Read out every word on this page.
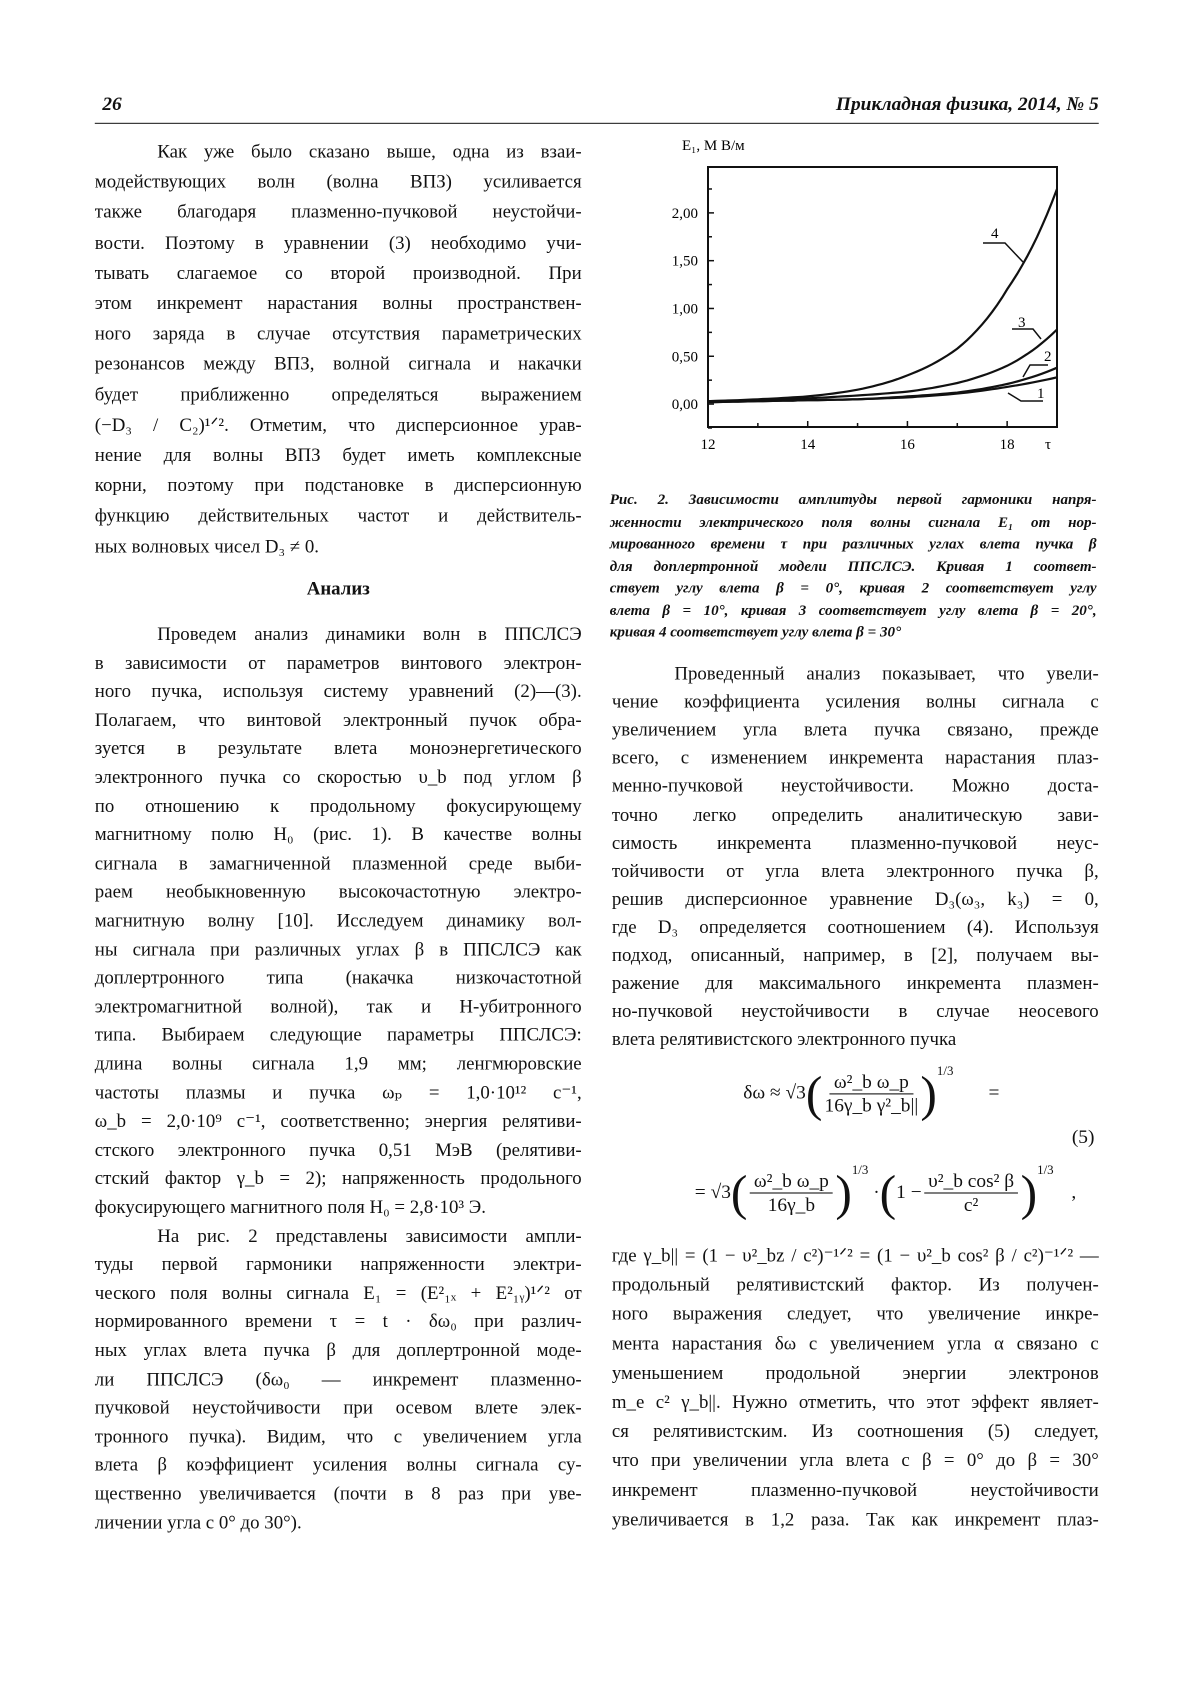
26	Прикладная физика, 2014, № 5
Как уже было сказано выше, одна из взаи-
модействующих волн (волна ВПЗ) усиливается
также благодаря плазменно-пучковой неустойчи-
вости. Поэтому в уравнении (3) необходимо учи-
тывать слагаемое со второй производной. При
этом инкремент нарастания волны пространствен-
ного заряда в случае отсутствия параметрических
резонансов между ВПЗ, волной сигнала и накачки
будет приближенно определяться выражением
(−D₃ / C₂)¹ᐟ². Отметим, что дисперсионное урав-
нение для волны ВПЗ будет иметь комплексные
корни, поэтому при подстановке в дисперсионную
функцию действительных частот и действитель-
ных волновых чисел D₃ ≠ 0.
Проведем анализ динамики волн в ППСЛСЭ
в зависимости от параметров винтового электрон-
ного пучка, используя систему уравнений (2)—(3).
Полагаем, что винтовой электронный пучок обра-
зуется в результате влета моноэнергетического
электронного пучка со скоростью υ_b под углом β
по отношению к продольному фокусирующему
магнитному полю H₀ (рис. 1). В качестве волны
сигнала в замагниченной плазменной среде выби-
раем необыкновенную высокочастотную электро-
магнитную волну [10]. Исследуем динамику вол-
ны сигнала при различных углах β в ППСЛСЭ как
доплертронного типа (накачка низкочастотной
электромагнитной волной), так и Н-убитронного
типа. Выбираем следующие параметры ППСЛСЭ:
длина волны сигнала 1,9 мм; ленгмюровские
частоты плазмы и пучка ωₚ = 1,0·10¹² с⁻¹,
ω_b = 2,0·10⁹ с⁻¹, соответственно; энергия релятиви-
стского электронного пучка 0,51 МэВ (релятиви-
стский фактор γ_b = 2); напряженность продольного
фокусирующего магнитного поля H₀ = 2,8·10³ Э.
На рис. 2 представлены зависимости ампли-
туды первой гармоники напряженности электри-
ческого поля волны сигнала E₁ = (E²₁ₓ + E²₁ᵧ)¹ᐟ² от
нормированного времени τ = t · δω₀ при различ-
ных углах влета пучка β для доплертронной моде-
ли ППСЛСЭ (δω₀ — инкремент плазменно-
пучковой неустойчивости при осевом влете элек-
тронного пучка). Видим, что с увеличением угла
влета β коэффициент усиления волны сигнала су-
щественно увеличивается (почти в 8 раз при уве-
личении угла с 0° до 30°).
Проведенный анализ показывает, что увели-
чение коэффициента усиления волны сигнала с
увеличением угла влета пучка связано, прежде
всего, с изменением инкремента нарастания плаз-
менно-пучковой неустойчивости. Можно доста-
точно легко определить аналитическую зави-
симость инкремента плазменно-пучковой неус-
тойчивости от угла влета электронного пучка β,
решив дисперсионное уравнение D₃(ω₃, k₃) = 0,
где D₃ определяется соотношением (4). Используя
подход, описанный, например, в [2], получаем вы-
ражение для максимального инкремента плазмен-
но-пучковой неустойчивости в случае неосевого
влета релятивистского электронного пучка
где γ_b|| = (1 − υ²_bz / c²)⁻¹ᐟ² = (1 − υ²_b cos² β / c²)⁻¹ᐟ² —
продольный релятивистский фактор. Из получен-
ного выражения следует, что увеличение инкре-
мента нарастания δω с увеличением угла α связано с
уменьшением продольной энергии электронов
m_e c² γ_b||. Нужно отметить, что этот эффект являет-
ся релятивистским. Из соотношения (5) следует,
что при увеличении угла влета с β = 0° до β = 30°
инкремент плазменно-пучковой неустойчивости
увеличивается в 1,2 раза. Так как инкремент плаз-
Анализ
Рис. 2. Зависимости амплитуды первой гармоники напря-
женности электрического поля волны сигнала E₁ от нор-
мированного времени τ при различных углах влета пучка β
для доплертронной модели ППСЛСЭ. Кривая 1 соответ-
ствует углу влета β = 0°, кривая 2 соответствует углу
влета β = 10°, кривая 3 соответствует углу влета β = 20°,
кривая 4 соответствует углу влета β = 30°
$\delta\omega \approx √3( \frac{\text{ω²\_b ω\_p}}{\text{16γ\_b γ²\_b||}} )^{1/3}$ =
(5)
= $√3( \frac{\text{ω²\_b ω\_p}}{16\gamma\_b} )^{1/3} \cdot(1 - \frac{\text{υ²\_b cos² β}}{\text{c²}} )^{1/3}$ ,
0,00
0,50
1,00
1,50
2,00
12	14	16	18 τ
E₁, М В/м
1
2
3
4
